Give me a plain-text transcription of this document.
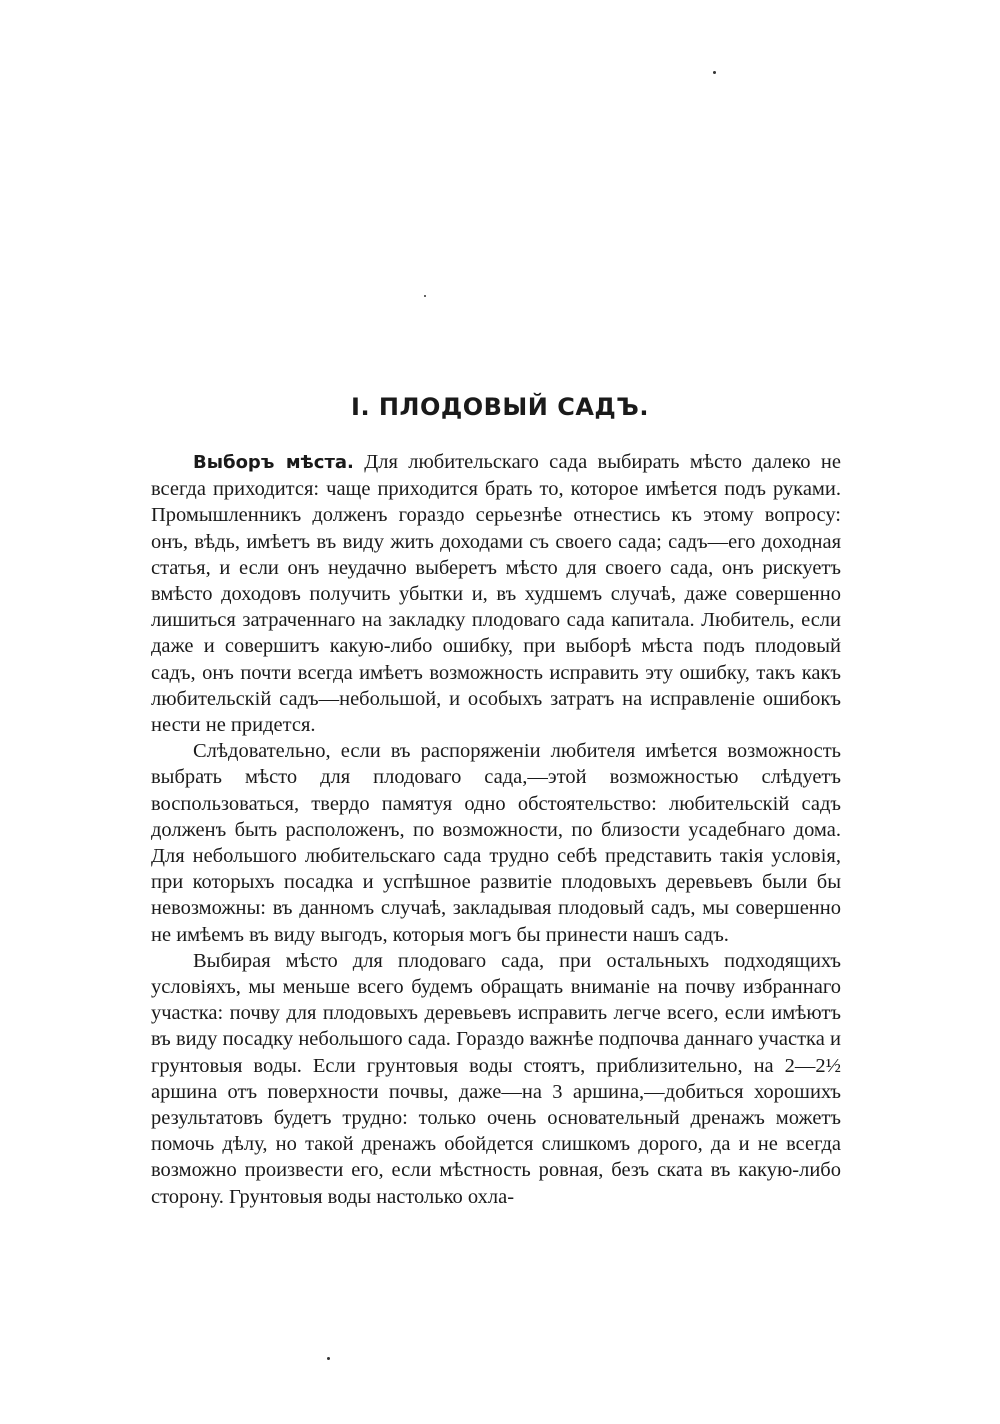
I. ПЛОДОВЫЙ САДЪ.

Выборъ мѣста. Для любительскаго сада выбирать мѣсто далеко не всегда приходится: чаще приходится брать то, которое имѣется подъ руками. Промышленникъ долженъ гораздо серьезнѣе отнестись къ этому вопросу: онъ, вѣдь, имѣетъ въ виду жить доходами съ своего сада; садъ—его доходная статья, и если онъ неудачно выберетъ мѣсто для своего сада, онъ рискуетъ вмѣсто доходовъ получить убытки и, въ худшемъ случаѣ, даже совершенно лишиться затраченнаго на закладку плодоваго сада капитала. Любитель, если даже и совершитъ какую-либо ошибку, при выборѣ мѣста подъ плодовый садъ, онъ почти всегда имѣетъ возможность исправить эту ошибку, такъ какъ любительскій садъ—небольшой, и особыхъ затратъ на исправленіе ошибокъ нести не придется.

Слѣдовательно, если въ распоряженіи любителя имѣется возможность выбрать мѣсто для плодоваго сада,—этой возможностью слѣдуетъ воспользоваться, твердо памятуя одно обстоятельство: любительскій садъ долженъ быть расположенъ, по возможности, по близости усадебнаго дома. Для небольшого любительскаго сада трудно себѣ представить такія условія, при которыхъ посадка и успѣшное развитіе плодовыхъ деревьевъ были бы невозможны: въ данномъ случаѣ, закладывая плодовый садъ, мы совершенно не имѣемъ въ виду выгодъ, которыя могъ бы принести нашъ садъ.

Выбирая мѣсто для плодоваго сада, при остальныхъ подходящихъ условіяхъ, мы меньше всего будемъ обращать вниманіе на почву избраннаго участка: почву для плодовыхъ деревьевъ исправить легче всего, если имѣютъ въ виду посадку небольшого сада. Гораздо важнѣе подпочва даннаго участка и грунтовыя воды. Если грунтовыя воды стоятъ, приблизительно, на 2—2½ аршина отъ поверхности почвы, даже—на 3 аршина,—добиться хорошихъ результатовъ будетъ трудно: только очень основательный дренажъ можетъ помочь дѣлу, но такой дренажъ обойдется слишкомъ дорого, да и не всегда возможно произвести его, если мѣстность ровная, безъ ската въ какую-либо сторону. Грунтовыя воды настолько охла-
